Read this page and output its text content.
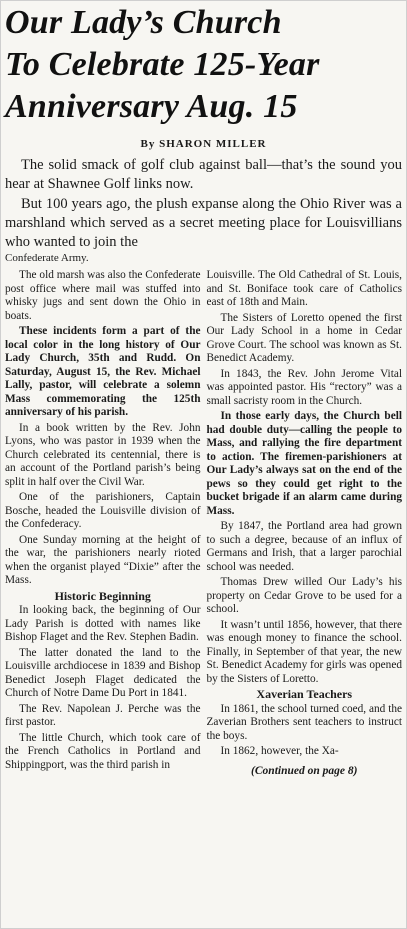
Our Lady’s Church
To Celebrate 125-Year
Anniversary Aug. 15
By SHARON MILLER

The solid smack of golf club against ball—that’s the sound you hear at Shawnee Golf links now.

But 100 years ago, the plush expanse along the Ohio River was a marshland which served as a secret meeting place for Louisvillians who wanted to join the

Confederate Army.

The old marsh was also the Confederate post office where mail was stuffed into whisky jugs and sent down the Ohio in boats.

These incidents form a part of the local color in the long history of Our Lady Church, 35th and Rudd. On Saturday, August 15, the Rev. Michael Lally, pastor, will celebrate a solemn Mass commemorating the 125th anniversary of his parish.

In a book written by the Rev. John Lyons, who was pastor in 1939 when the Church celebrated its centennial, there is an account of the Portland parish’s being split in half over the Civil War.

One of the parishioners, Captain Bosche, headed the Louisville division of the Confederacy.

One Sunday morning at the height of the war, the parishioners nearly rioted when the organist played “Dixie” after the Mass.

Historic Beginning

In looking back, the beginning of Our Lady Parish is dotted with names like Bishop Flaget and the Rev. Stephen Badin.

The latter donated the land to the Louisville archdiocese in 1839 and Bishop Benedict Joseph Flaget dedicated the Church of Notre Dame Du Port in 1841.

The Rev. Napolean J. Perche was the first pastor.

The little Church, which took care of the French Catholics in Portland and Shippingport, was the third parish in

Louisville. The Old Cathedral of St. Louis, and St. Boniface took care of Catholics east of 18th and Main.

The Sisters of Loretto opened the first Our Lady School in a home in Cedar Grove Court. The school was known as St. Benedict Academy.

In 1843, the Rev. John Jerome Vital was appointed pastor. His “rectory” was a small sacristy room in the Church.

In those early days, the Church bell had double duty—calling the people to Mass, and rallying the fire department to action. The firemen-parishioners at Our Lady’s always sat on the end of the pews so they could get right to the bucket brigade if an alarm came during Mass.

By 1847, the Portland area had grown to such a degree, because of an influx of Germans and Irish, that a larger parochial school was needed.

Thomas Drew willed Our Lady’s his property on Cedar Grove to be used for a school.

It wasn’t until 1856, however, that there was enough money to finance the school. Finally, in September of that year, the new St. Benedict Academy for girls was opened by the Sisters of Loretto.

Xaverian Teachers

In 1861, the school turned coed, and the Zaverian Brothers sent teachers to instruct the boys.

In 1862, however, the Xa-

(Continued on page 8)
